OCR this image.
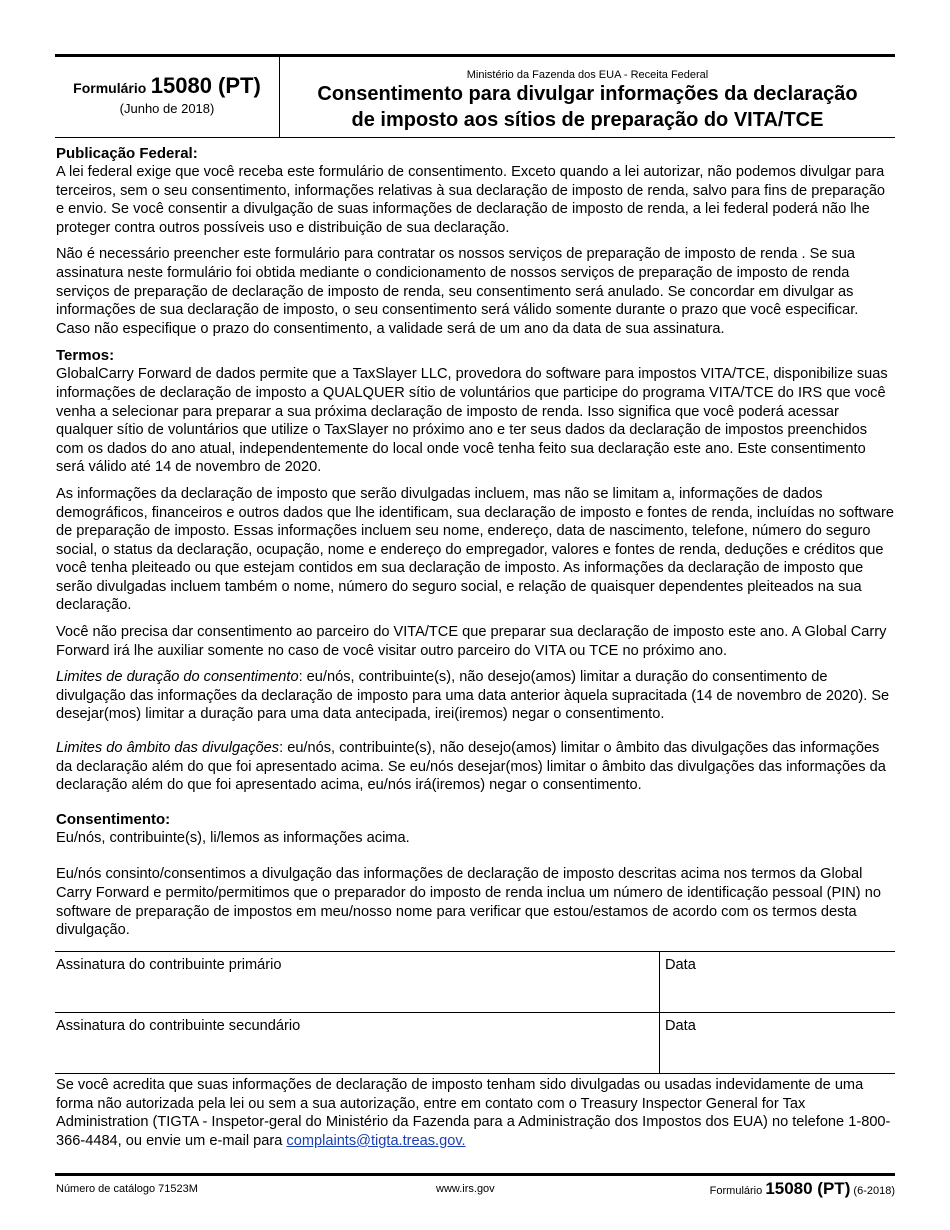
Formulário 15080 (PT)
(Junho de 2018)
Ministério da Fazenda dos EUA - Receita Federal
Consentimento para divulgar informações da declaração
de imposto aos sítios de preparação do VITA/TCE
Publicação Federal:

A lei federal exige que você receba este formulário de consentimento. Exceto quando a lei autorizar, não podemos divulgar para terceiros, sem o seu consentimento, informações relativas à sua declaração de imposto de renda, salvo para fins de preparação e envio. Se você consentir a divulgação de suas informações de declaração de imposto de renda, a lei federal poderá não lhe proteger contra outros possíveis uso e distribuição de sua declaração.

Não é necessário preencher este formulário para contratar os nossos serviços de preparação de imposto de renda . Se sua assinatura neste formulário foi obtida mediante o condicionamento de nossos serviços de preparação de imposto de renda serviços de preparação de declaração de imposto de renda, seu consentimento será anulado. Se concordar em divulgar as informações de sua declaração de imposto, o seu consentimento será válido somente durante o prazo que você especificar. Caso não especifique o prazo do consentimento, a validade será de um ano da data de sua assinatura.

Termos:

GlobalCarry Forward de dados permite que a TaxSlayer LLC, provedora do software para impostos VITA/TCE, disponibilize suas informações de declaração de imposto a QUALQUER sítio de voluntários que participe do programa VITA/TCE do IRS que você venha a selecionar para preparar a sua próxima declaração de imposto de renda. Isso significa que você poderá acessar qualquer sítio de voluntários que utilize o TaxSlayer no próximo ano e ter seus dados da declaração de impostos preenchidos com os dados do ano atual, independentemente do local onde você tenha feito sua declaração este ano. Este consentimento será válido até 14 de novembro de 2020.

As informações da declaração de imposto que serão divulgadas incluem, mas não se limitam a, informações de dados demográficos, financeiros e outros dados que lhe identificam, sua declaração de imposto e fontes de renda, incluídas no software de preparação de imposto. Essas informações incluem seu nome, endereço, data de nascimento, telefone, número do seguro social, o status da declaração, ocupação, nome e endereço do empregador, valores e fontes de renda, deduções e créditos que você tenha pleiteado ou que estejam contidos em sua declaração de imposto. As informações da declaração de imposto que serão divulgadas incluem também o nome, número do seguro social, e relação de quaisquer dependentes pleiteados na sua declaração.

Você não precisa dar consentimento ao parceiro do VITA/TCE que preparar sua declaração de imposto este ano. A Global Carry Forward irá lhe auxiliar somente no caso de você visitar outro parceiro do VITA ou TCE no próximo ano.

Limites de duração do consentimento: eu/nós, contribuinte(s), não desejo(amos) limitar a duração do consentimento de divulgação das informações da declaração de imposto para uma data anterior àquela supracitada (14 de novembro de 2020). Se desejar(mos) limitar a duração para uma data antecipada, irei(iremos) negar o consentimento.

Limites do âmbito das divulgações: eu/nós, contribuinte(s), não desejo(amos) limitar o âmbito das divulgações das informações da declaração além do que foi apresentado acima. Se eu/nós desejar(mos) limitar o âmbito das divulgações das informações da declaração além do que foi apresentado acima, eu/nós irá(iremos) negar o consentimento.

Consentimento:

Eu/nós, contribuinte(s), li/lemos as informações acima.

Eu/nós consinto/consentimos a divulgação das informações de declaração de imposto descritas acima nos termos da Global Carry Forward e permito/permitimos que o preparador do imposto de renda inclua um número de identificação pessoal (PIN) no software de preparação de impostos em meu/nosso nome para verificar que estou/estamos de acordo com os termos desta divulgação.

Assinatura do contribuinte primário	Data
Assinatura do contribuinte secundário	Data
Se você acredita que suas informações de declaração de imposto tenham sido divulgadas ou usadas indevidamente de uma forma não autorizada pela lei ou sem a sua autorização, entre em contato com o Treasury Inspector General for Tax Administration (TIGTA - Inspetor-geral do Ministério da Fazenda para a Administração dos Impostos dos EUA) no telefone 1-800-366-4484, ou envie um e-mail para complaints@tigta.treas.gov.
Número de catálogo 71523M	www.irs.gov	Formulário 15080 (PT) (6-2018)
